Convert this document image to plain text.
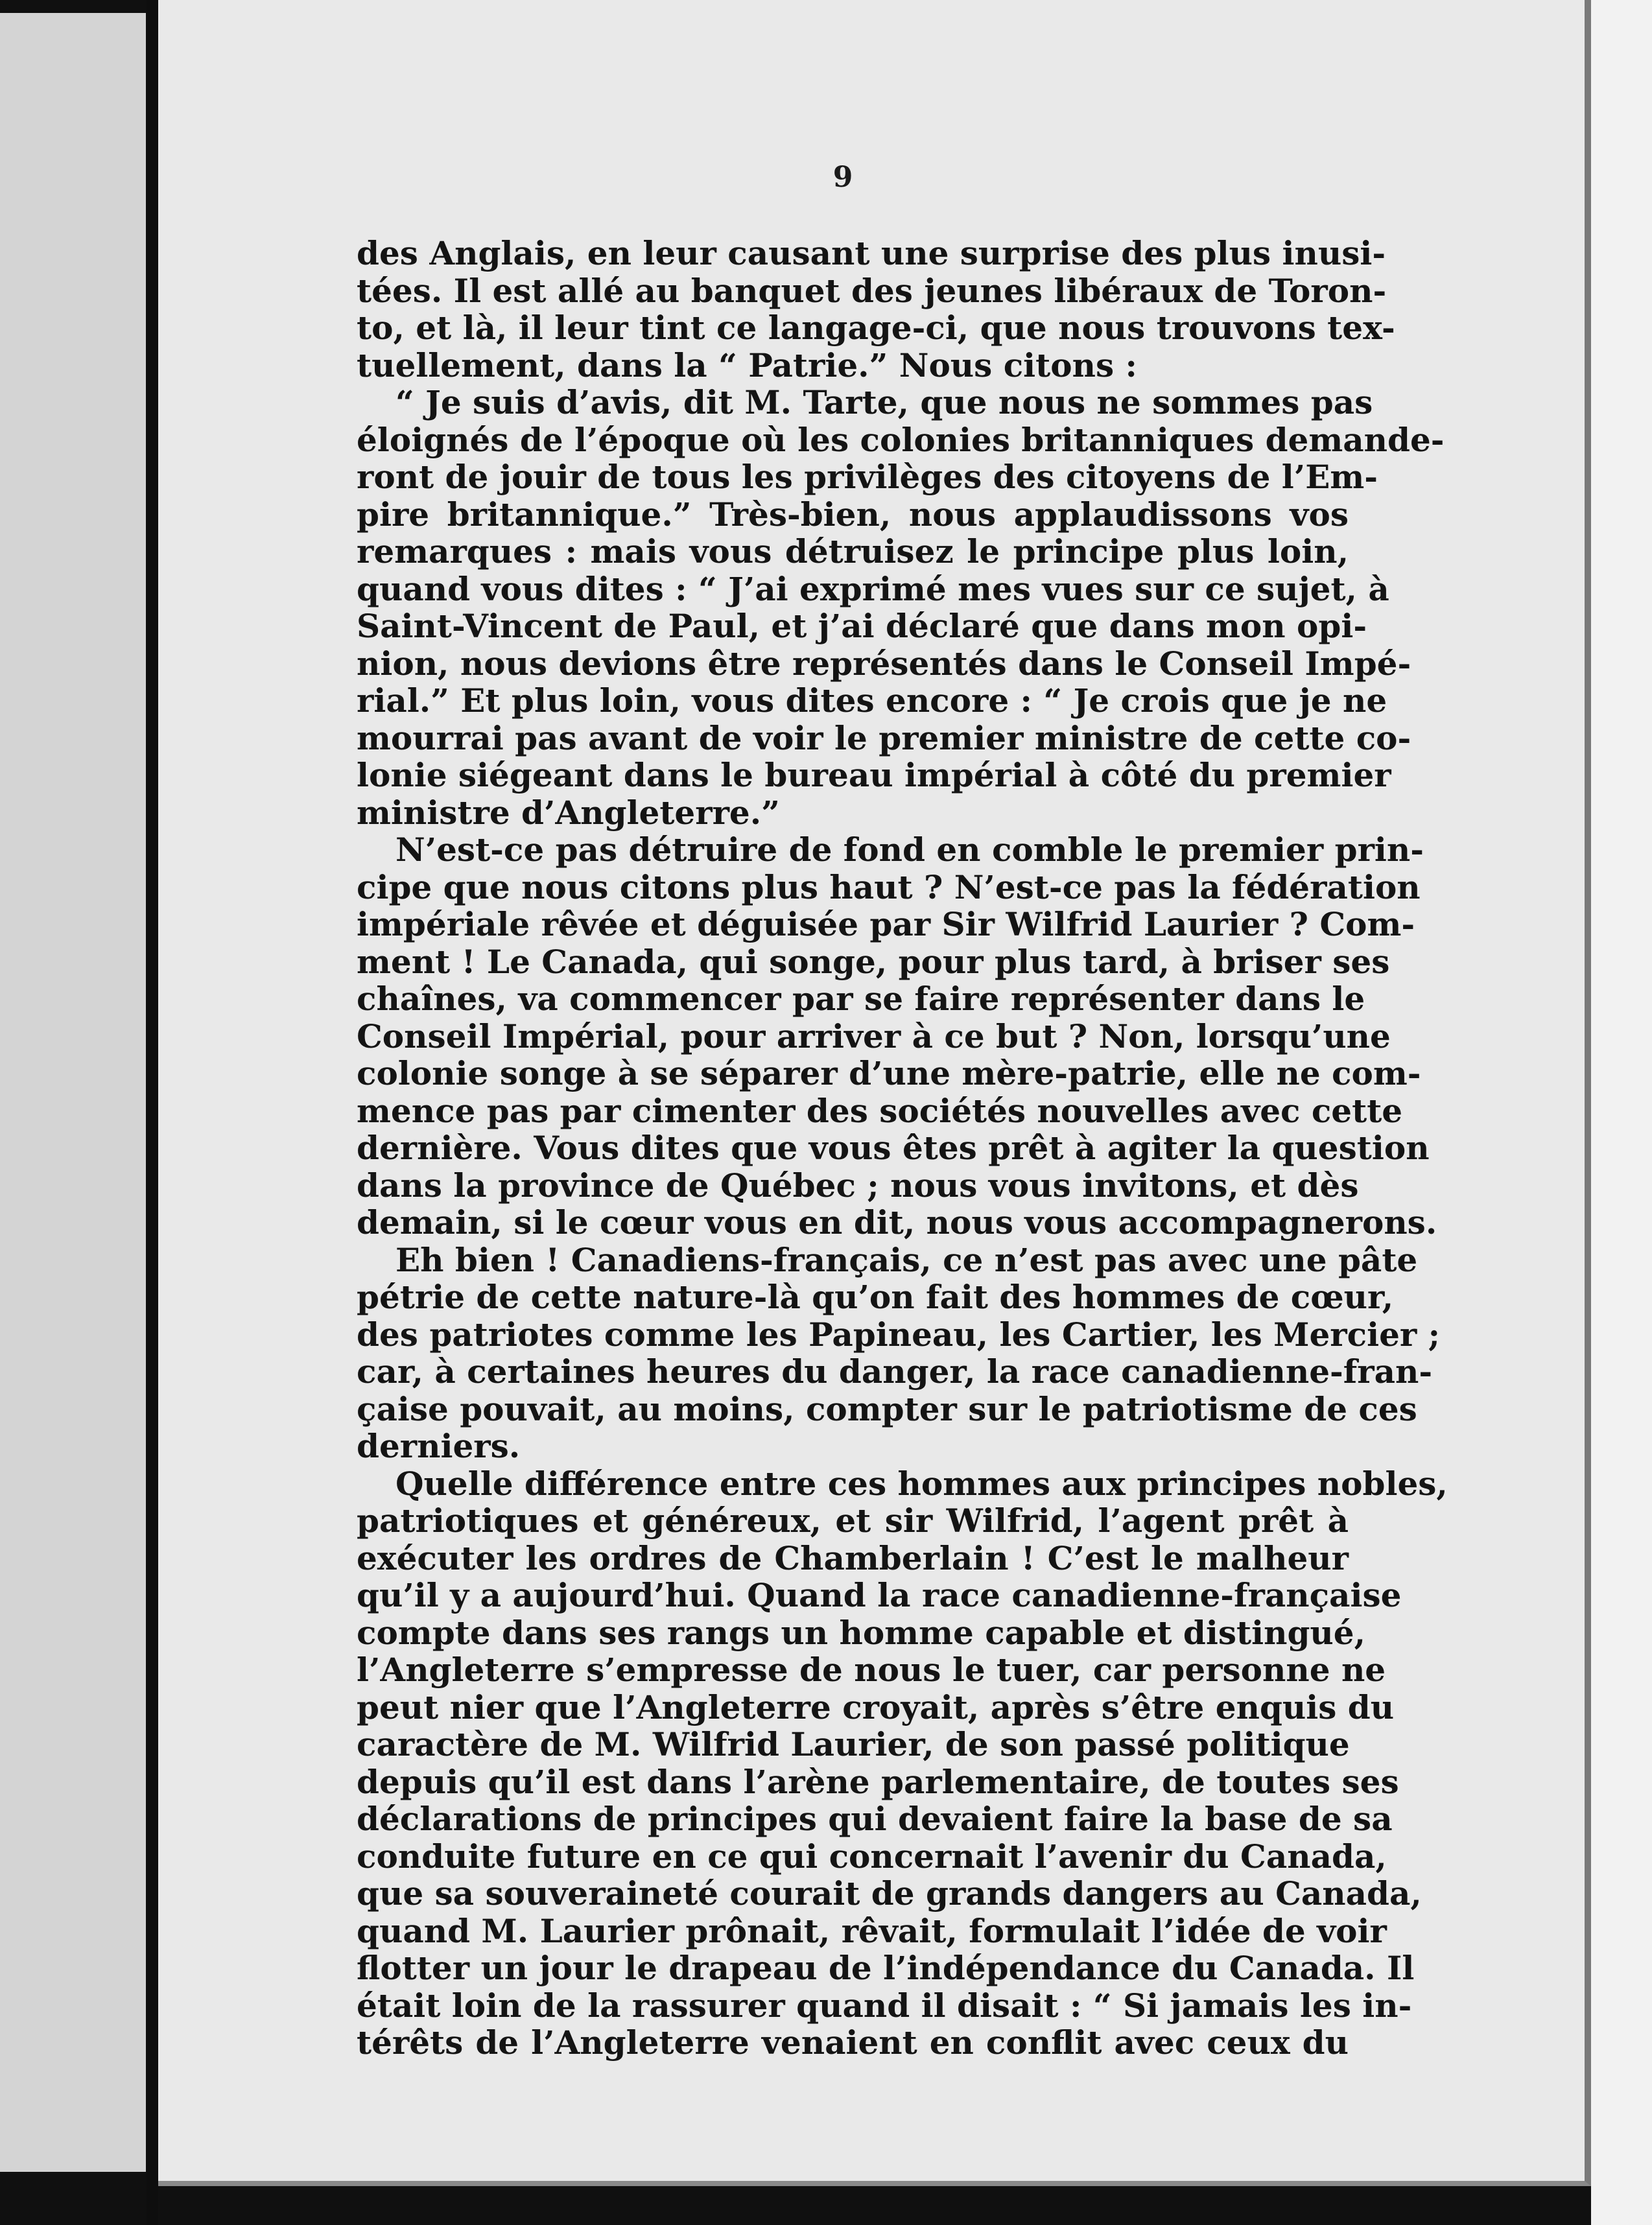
9
des Anglais, en leur causant une surprise des plus inusi-
tées. Il est allé au banquet des jeunes libéraux de Toron-
to, et là, il leur tint ce langage-ci, que nous trouvons tex-
tuellement, dans la “ Patrie.” Nous citons :
“ Je suis d’avis, dit M. Tarte, que nous ne sommes pas
éloignés de l’époque où les colonies britanniques demande-
ront de jouir de tous les privilèges des citoyens de l’Em-
pire britannique.” Très-bien, nous applaudissons vos
remarques : mais vous détruisez le principe plus loin,
quand vous dites : “ J’ai exprimé mes vues sur ce sujet, à
Saint-Vincent de Paul, et j’ai déclaré que dans mon opi-
nion, nous devions être représentés dans le Conseil Impé-
rial.” Et plus loin, vous dites encore : “ Je crois que je ne
mourrai pas avant de voir le premier ministre de cette co-
lonie siégeant dans le bureau impérial à côté du premier
ministre d’Angleterre.”
N’est-ce pas détruire de fond en comble le premier prin-
cipe que nous citons plus haut ? N’est-ce pas la fédération
impériale rêvée et déguisée par Sir Wilfrid Laurier ? Com-
ment ! Le Canada, qui songe, pour plus tard, à briser ses
chaînes, va commencer par se faire représenter dans le
Conseil Impérial, pour arriver à ce but ? Non, lorsqu’une
colonie songe à se séparer d’une mère-patrie, elle ne com-
mence pas par cimenter des sociétés nouvelles avec cette
dernière. Vous dites que vous êtes prêt à agiter la question
dans la province de Québec ; nous vous invitons, et dès
demain, si le cœur vous en dit, nous vous accompagnerons.
Eh bien ! Canadiens-français, ce n’est pas avec une pâte
pétrie de cette nature-là qu’on fait des hommes de cœur,
des patriotes comme les Papineau, les Cartier, les Mercier ;
car, à certaines heures du danger, la race canadienne-fran-
çaise pouvait, au moins, compter sur le patriotisme de ces
derniers.
Quelle différence entre ces hommes aux principes nobles,
patriotiques et généreux, et sir Wilfrid, l’agent prêt à
exécuter les ordres de Chamberlain ! C’est le malheur
qu’il y a aujourd’hui. Quand la race canadienne-française
compte dans ses rangs un homme capable et distingué,
l’Angleterre s’empresse de nous le tuer, car personne ne
peut nier que l’Angleterre croyait, après s’être enquis du
caractère de M. Wilfrid Laurier, de son passé politique
depuis qu’il est dans l’arène parlementaire, de toutes ses
déclarations de principes qui devaient faire la base de sa
conduite future en ce qui concernait l’avenir du Canada,
que sa souveraineté courait de grands dangers au Canada,
quand M. Laurier prônait, rêvait, formulait l’idée de voir
flotter un jour le drapeau de l’indépendance du Canada. Il
était loin de la rassurer quand il disait : “ Si jamais les in-
térêts de l’Angleterre venaient en conflit avec ceux du
